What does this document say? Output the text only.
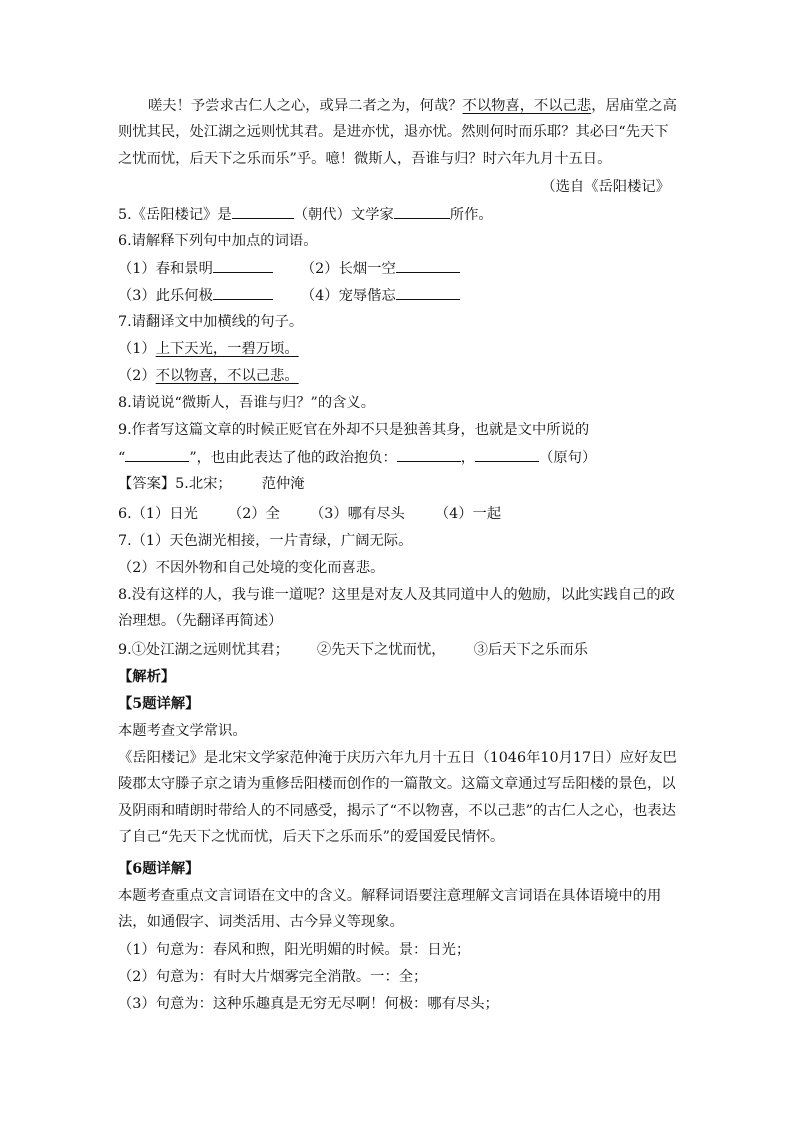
嗟夫！予尝求古仁人之心，或异二者之为，何哉？不以物喜，不以己悲，居庙堂之高则忧其民，处江湖之远则忧其君。是进亦忧，退亦忧。然则何时而乐耶？其必曰“先天下之忧而忧，后天下之乐而乐”乎。噫！微斯人，吾谁与归？时六年九月十五日。

（选自《岳阳楼记》
5.《岳阳楼记》是	（朝代）文学家	所作。
6.请解释下列句中加点的词语。
（1）春和景明	（2）长烟一空
（3）此乐何极	（4）宠辱偕忘
7.请翻译文中加横线的句子。
（1）上下天光，一碧万顷。
（2）不以物喜，不以己悲。
8.请说说“微斯人，吾谁与归？”的含义。
9.作者写这篇文章的时候正贬官在外却不只是独善其身，也就是文中所说的
“	”，也由此表达了他的政治抱负：	，	（原句）
【答案】5.北宋； 范仲淹
6.（1）日光 （2）全 （3）哪有尽头 （4）一起
7.（1）天色湖光相接，一片青绿，广阔无际。
（2）不因外物和自己处境的变化而喜悲。

8.没有这样的人，我与谁一道呢？这里是对友人及其同道中人的勉励，以此实践自己的政治理想。（先翻译再简述）

9.①处江湖之远则忧其君； ②先天下之忧而忧， ③后天下之乐而乐
【解析】
【5题详解】
本题考查文学常识。

《岳阳楼记》是北宋文学家范仲淹于庆历六年九月十五日（1046年10月17日）应好友巴陵郡太守滕子京之请为重修岳阳楼而创作的一篇散文。这篇文章通过写岳阳楼的景色，以及阴雨和晴朗时带给人的不同感受，揭示了“不以物喜，不以己悲”的古仁人之心，也表达了自己“先天下之忧而忧，后天下之乐而乐”的爱国爱民情怀。

【6题详解】

本题考查重点文言词语在文中的含义。解释词语要注意理解文言词语在具体语境中的用法，如通假字、词类活用、古今异义等现象。

（1）句意为：春风和煦，阳光明媚的时候。景：日光；
（2）句意为：有时大片烟雾完全消散。一：全；
（3）句意为：这种乐趣真是无穷无尽啊！何极：哪有尽头；
